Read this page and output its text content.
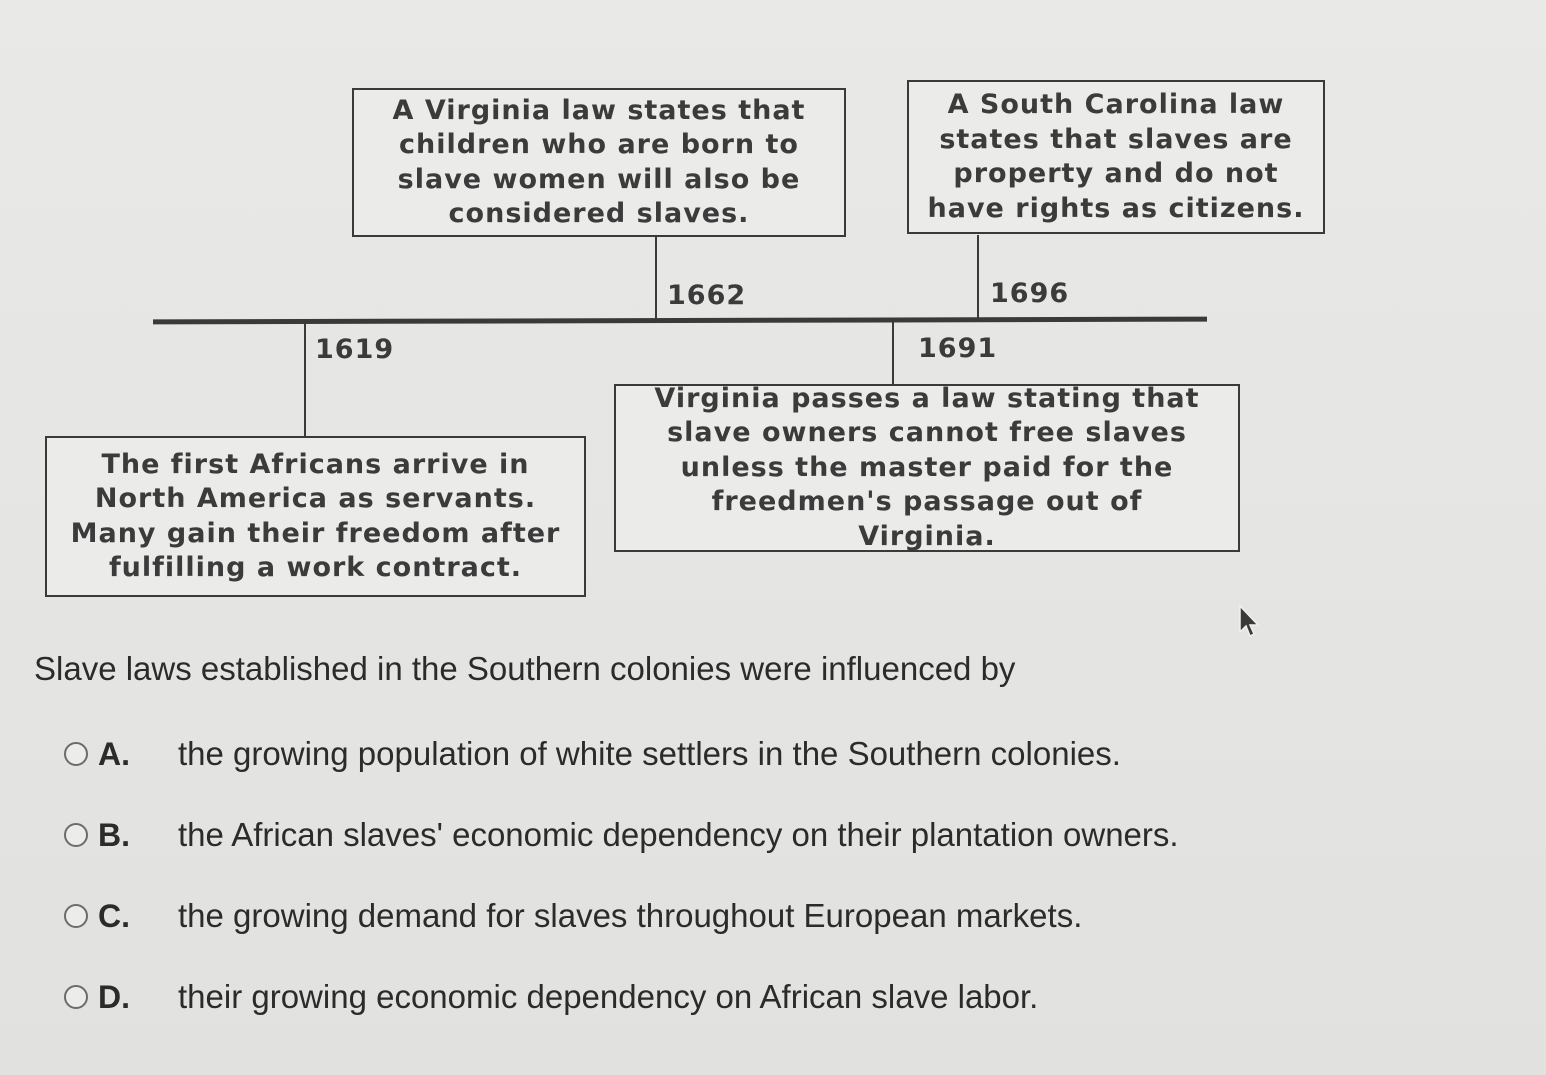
1619
1662
1691
1696
The first Africans arrive in North America as servants. Many gain their freedom after fulfilling a work contract.
A Virginia law states that children who are born to slave women will also be considered slaves.
Virginia passes a law stating that slave owners cannot free slaves unless the master paid for the freedmen's passage out of Virginia.
A South Carolina law states that slaves are property and do not have rights as citizens.
Slave laws established in the Southern colonies were influenced by
A.	the growing population of white settlers in the Southern colonies.
B.	the African slaves' economic dependency on their plantation owners.
C.	the growing demand for slaves throughout European markets.
D.	their growing economic dependency on African slave labor.
